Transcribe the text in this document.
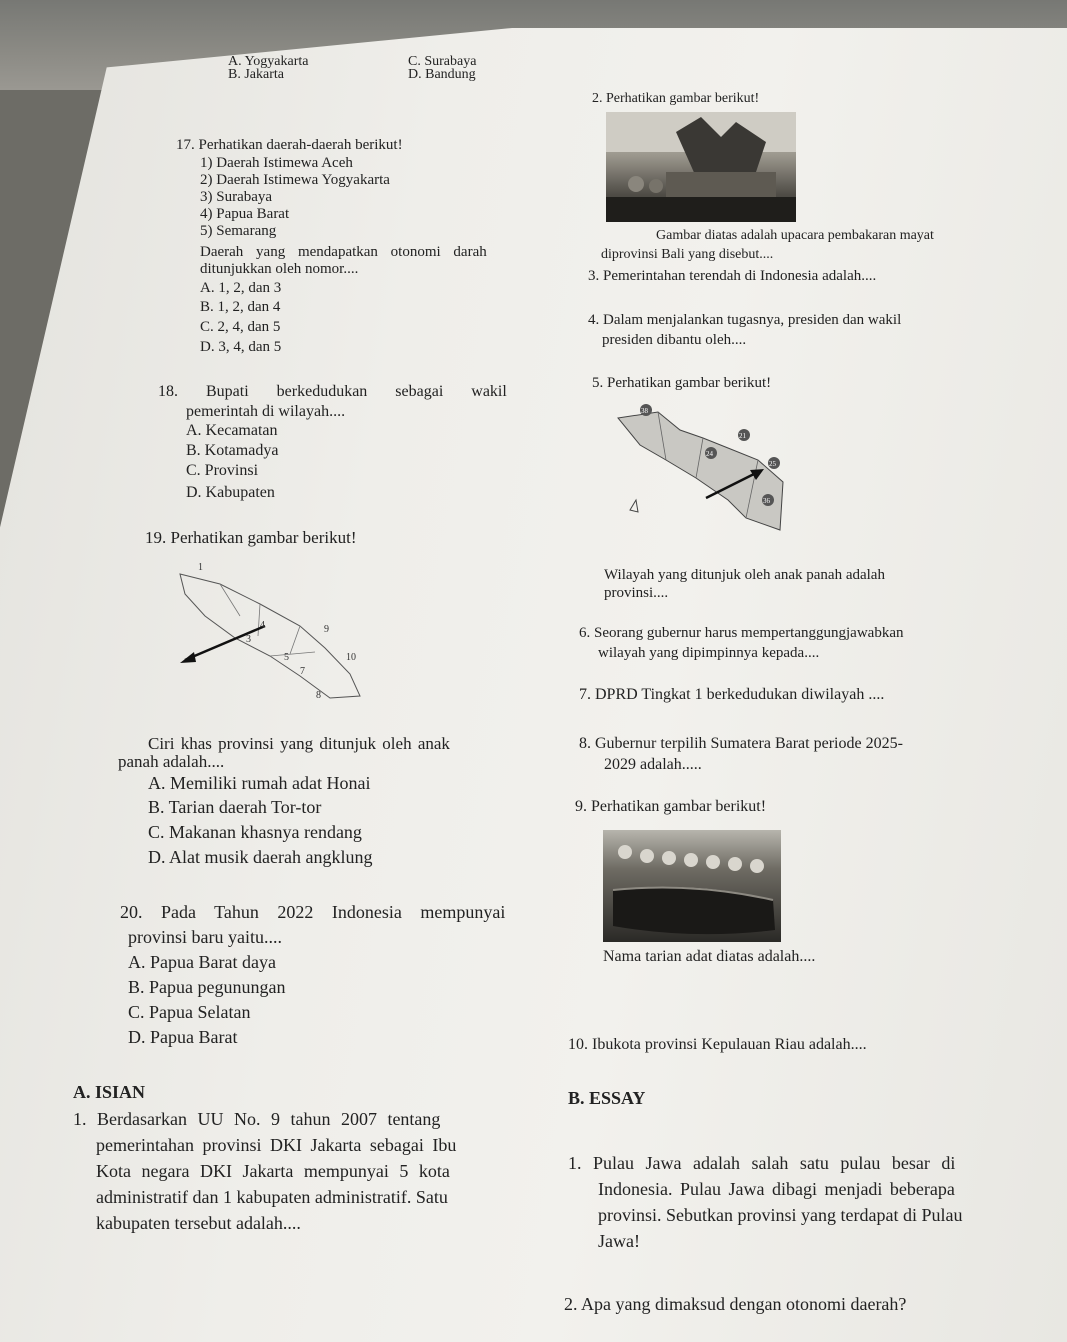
A. Yogyakarta
B. Jakarta
C. Surabaya
D. Bandung
17. Perhatikan daerah-daerah berikut!
1) Daerah Istimewa Aceh
2) Daerah Istimewa Yogyakarta
3) Surabaya
4) Papua Barat
5) Semarang
Daerah yang mendapatkan otonomi darah
ditunjukkan oleh nomor....
A. 1, 2, dan 3
B. 1, 2, dan 4
C. 2, 4, dan 5
D. 3, 4, dan 5
18. Bupati berkedudukan sebagai wakil
pemerintah di wilayah....
A. Kecamatan
B. Kotamadya
C. Provinsi
D. Kabupaten
19. Perhatikan gambar berikut!
1
9
4
3
5	10
7
8
Ciri khas provinsi yang ditunjuk oleh anak
panah adalah....
A. Memiliki rumah adat Honai
B. Tarian daerah Tor-tor
C. Makanan khasnya rendang
D. Alat musik daerah angklung
20. Pada Tahun 2022 Indonesia mempunyai
provinsi baru yaitu....
A. Papua Barat daya
B. Papua pegunungan
C. Papua Selatan
D. Papua Barat
A. ISIAN
1. Berdasarkan UU No. 9 tahun 2007 tentang
pemerintahan provinsi DKI Jakarta sebagai Ibu
Kota negara DKI Jakarta mempunyai 5 kota
administratif dan 1 kabupaten administratif. Satu
kabupaten tersebut adalah....
2. Perhatikan gambar berikut!
Gambar diatas adalah upacara pembakaran mayat
diprovinsi Bali yang disebut....
3. Pemerintahan terendah di Indonesia adalah....
4. Dalam menjalankan tugasnya, presiden dan wakil
presiden dibantu oleh....
5. Perhatikan gambar berikut!
38
21
24
25
36
Wilayah yang ditunjuk oleh anak panah adalah
provinsi....
6. Seorang gubernur harus mempertanggungjawabkan
wilayah yang dipimpinnya kepada....
7. DPRD Tingkat 1 berkedudukan diwilayah ....
8. Gubernur terpilih Sumatera Barat periode 2025-
2029 adalah.....
9. Perhatikan gambar berikut!
Nama tarian adat diatas adalah....
10. Ibukota provinsi Kepulauan Riau adalah....
B. ESSAY
1. Pulau Jawa adalah salah satu pulau besar di
Indonesia. Pulau Jawa dibagi menjadi beberapa
provinsi. Sebutkan provinsi yang terdapat di Pulau
Jawa!
2. Apa yang dimaksud dengan otonomi daerah?
